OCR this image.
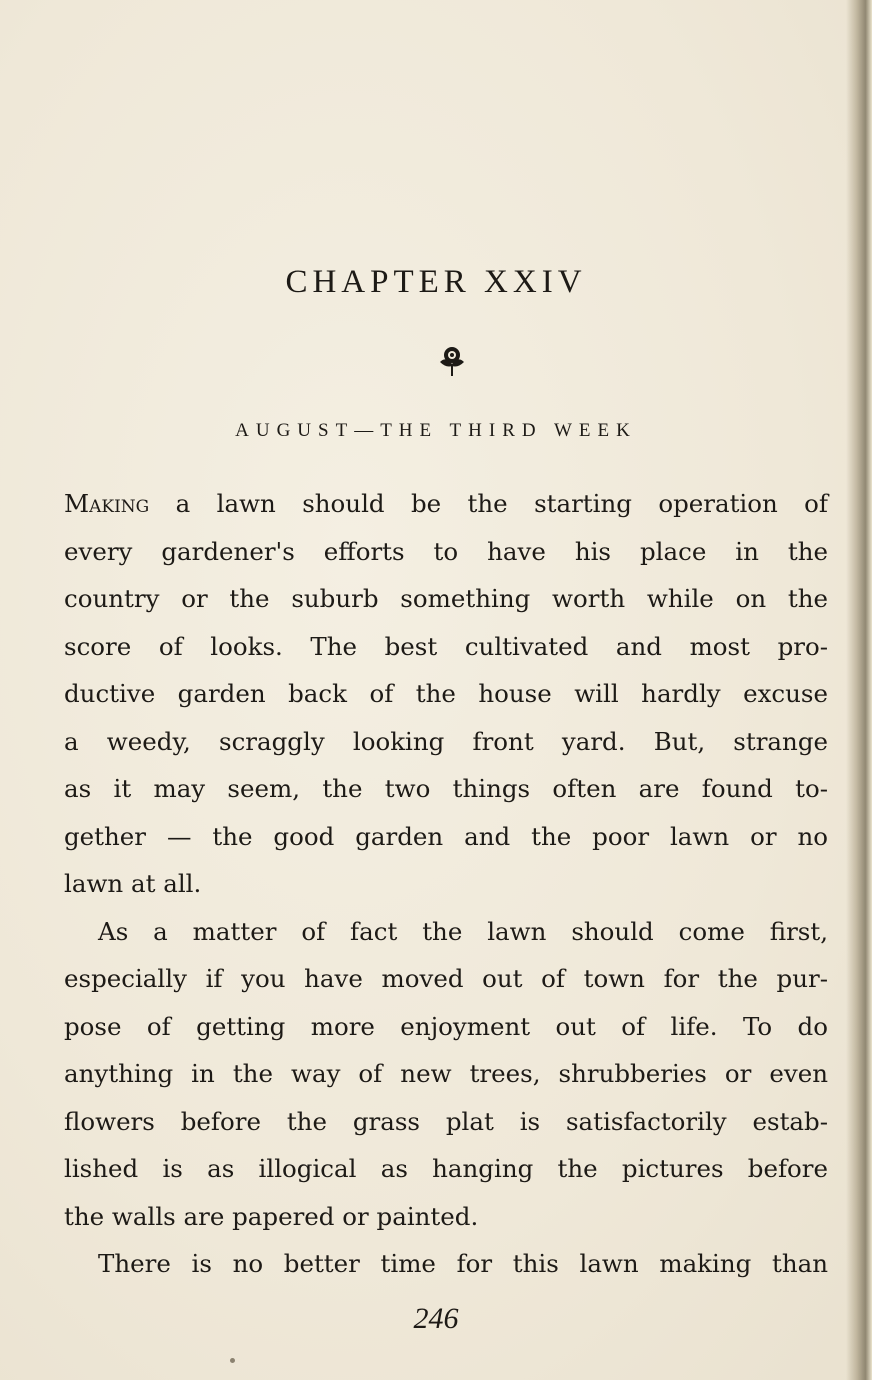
CHAPTER XXIV
AUGUST—THE THIRD WEEK

Making a lawn should be the starting operation of
every gardener's efforts to have his place in the
country or the suburb something worth while on the
score of looks. The best cultivated and most pro-
ductive garden back of the house will hardly excuse
a weedy, scraggly looking front yard. But, strange
as it may seem, the two things often are found to-
gether — the good garden and the poor lawn or no
lawn at all.

As a matter of fact the lawn should come first,
especially if you have moved out of town for the pur-
pose of getting more enjoyment out of life. To do
anything in the way of new trees, shrubberies or even
flowers before the grass plat is satisfactorily estab-
lished is as illogical as hanging the pictures before
the walls are papered or painted.

There is no better time for this lawn making than

246
